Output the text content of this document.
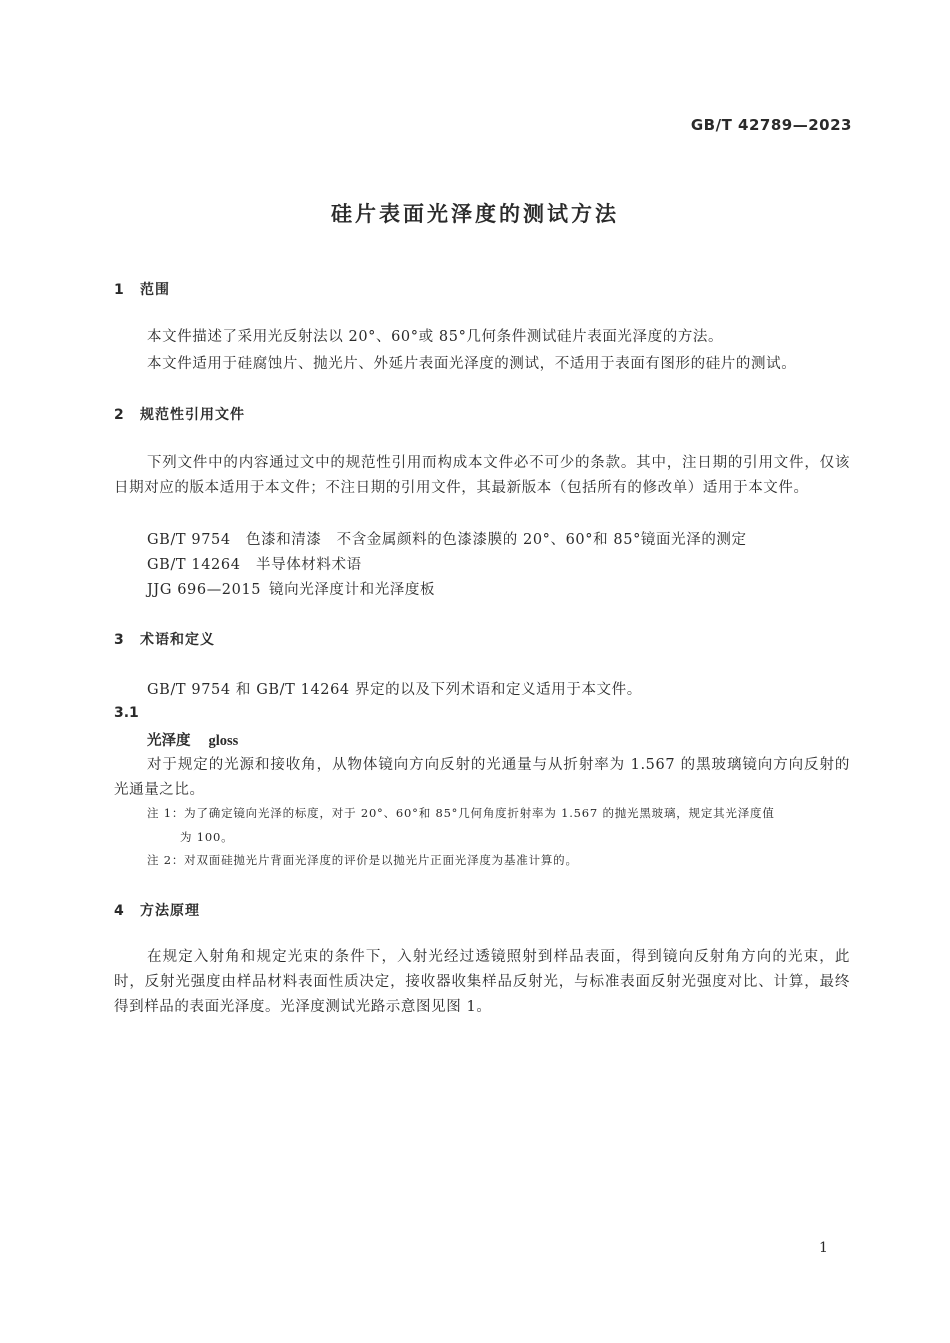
GB/T 42789—2023
硅片表面光泽度的测试方法
1 范围
本文件描述了采用光反射法以 20°、60°或 85°几何条件测试硅片表面光泽度的方法。
本文件适用于硅腐蚀片、抛光片、外延片表面光泽度的测试，不适用于表面有图形的硅片的测试。
2 规范性引用文件
下列文件中的内容通过文中的规范性引用而构成本文件必不可少的条款。其中，注日期的引用文件，仅该日期对应的版本适用于本文件；不注日期的引用文件，其最新版本（包括所有的修改单）适用于本文件。
GB/T 9754 色漆和清漆　不含金属颜料的色漆漆膜的 20°、60°和 85°镜面光泽的测定
GB/T 14264 半导体材料术语
JJG 696—2015 镜向光泽度计和光泽度板
3 术语和定义
GB/T 9754 和 GB/T 14264 界定的以及下列术语和定义适用于本文件。
3.1
光泽度 gloss
对于规定的光源和接收角，从物体镜向方向反射的光通量与从折射率为 1.567 的黑玻璃镜向方向反射的光通量之比。
注 1：为了确定镜向光泽的标度，对于 20°、60°和 85°几何角度折射率为 1.567 的抛光黑玻璃，规定其光泽度值
为 100。
注 2：对双面硅抛光片背面光泽度的评价是以抛光片正面光泽度为基准计算的。
4 方法原理
在规定入射角和规定光束的条件下，入射光经过透镜照射到样品表面，得到镜向反射角方向的光束，此时，反射光强度由样品材料表面性质决定，接收器收集样品反射光，与标准表面反射光强度对比、计算，最终得到样品的表面光泽度。光泽度测试光路示意图见图 1。
1
